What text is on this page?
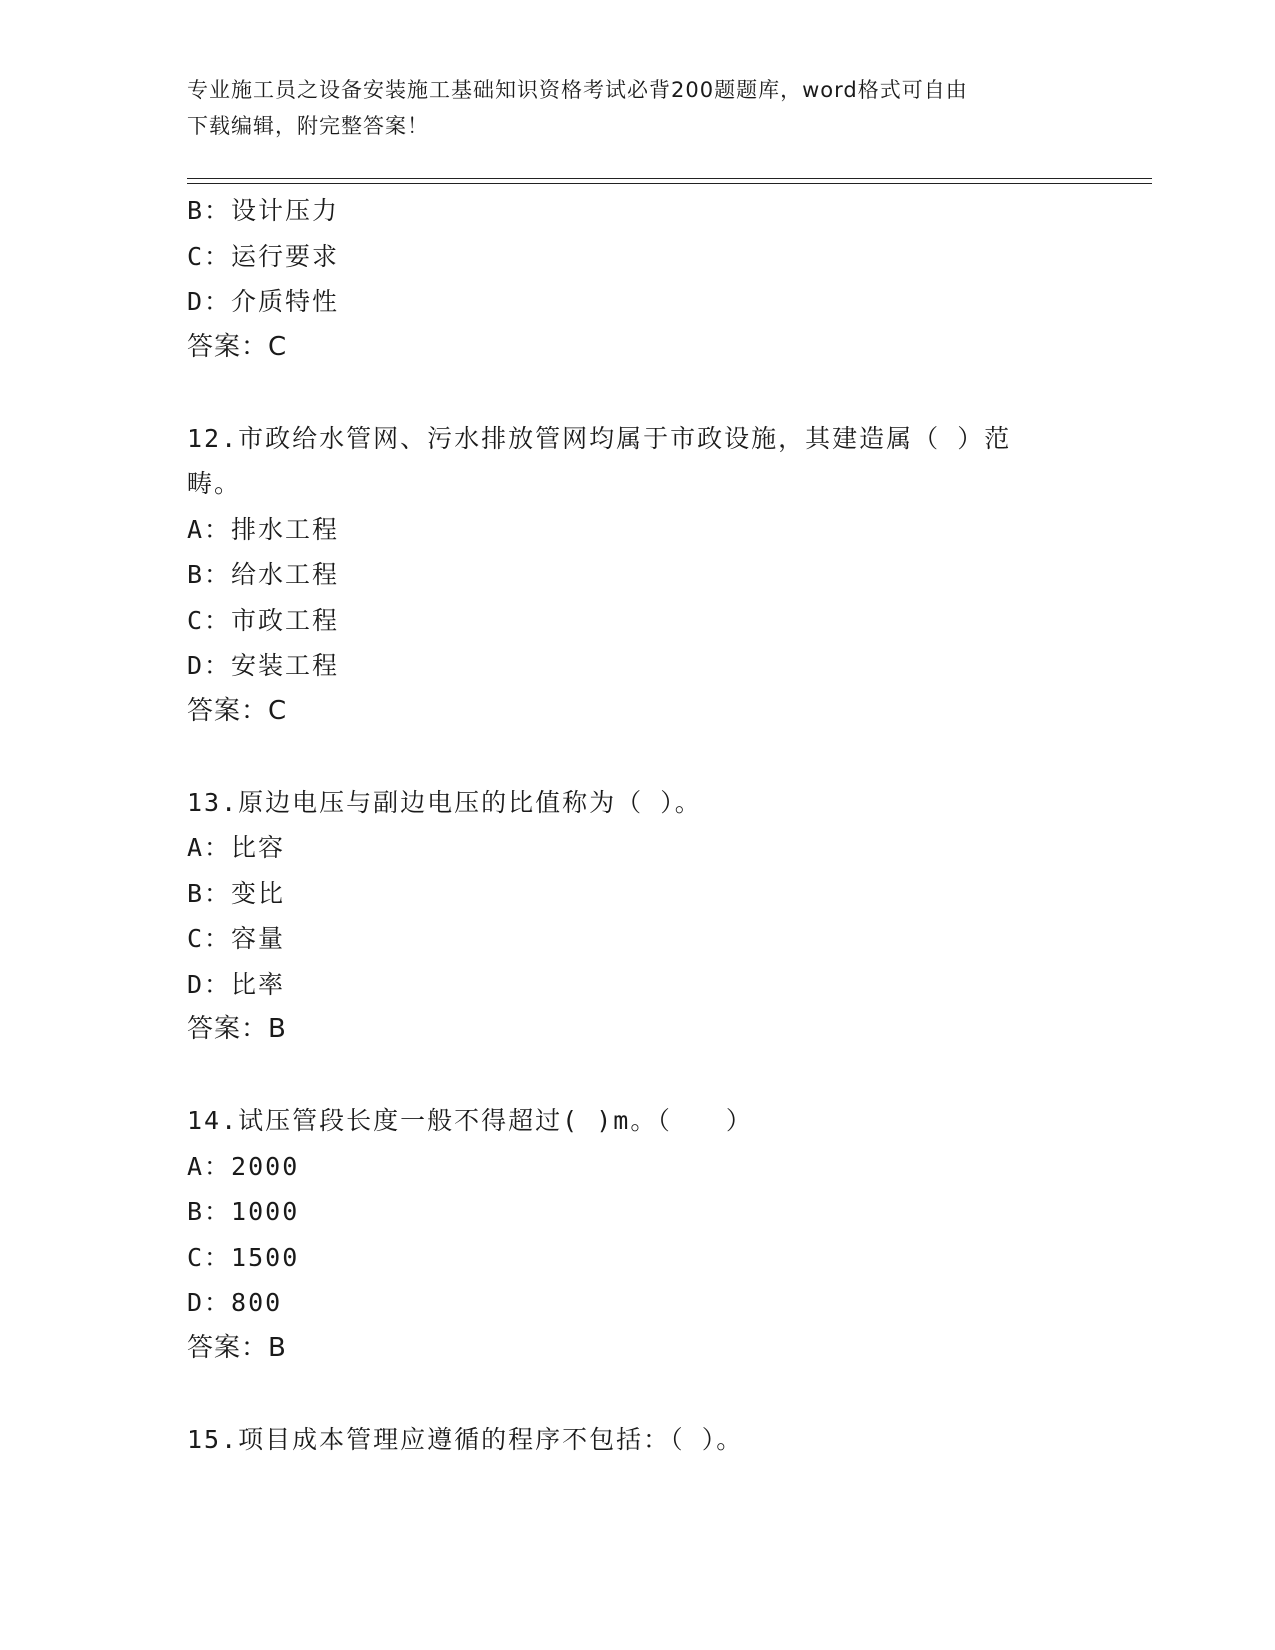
专业施工员之设备安装施工基础知识资格考试必背200题题库，word格式可自由
下载编辑，附完整答案！
B：设计压力
C：运行要求
D：介质特性
答案：C
12.市政给水管网、污水排放管网均属于市政设施，其建造属（ ）范
畴。
A：排水工程
B：给水工程
C：市政工程
D：安装工程
答案：C
13.原边电压与副边电压的比值称为（ ）。
A：比容
B：变比
C：容量
D：比率
答案：B
14.试压管段长度一般不得超过( )m。（　　）
A：2000
B：1000
C：1500
D：800
答案：B
15.项目成本管理应遵循的程序不包括：（ ）。
